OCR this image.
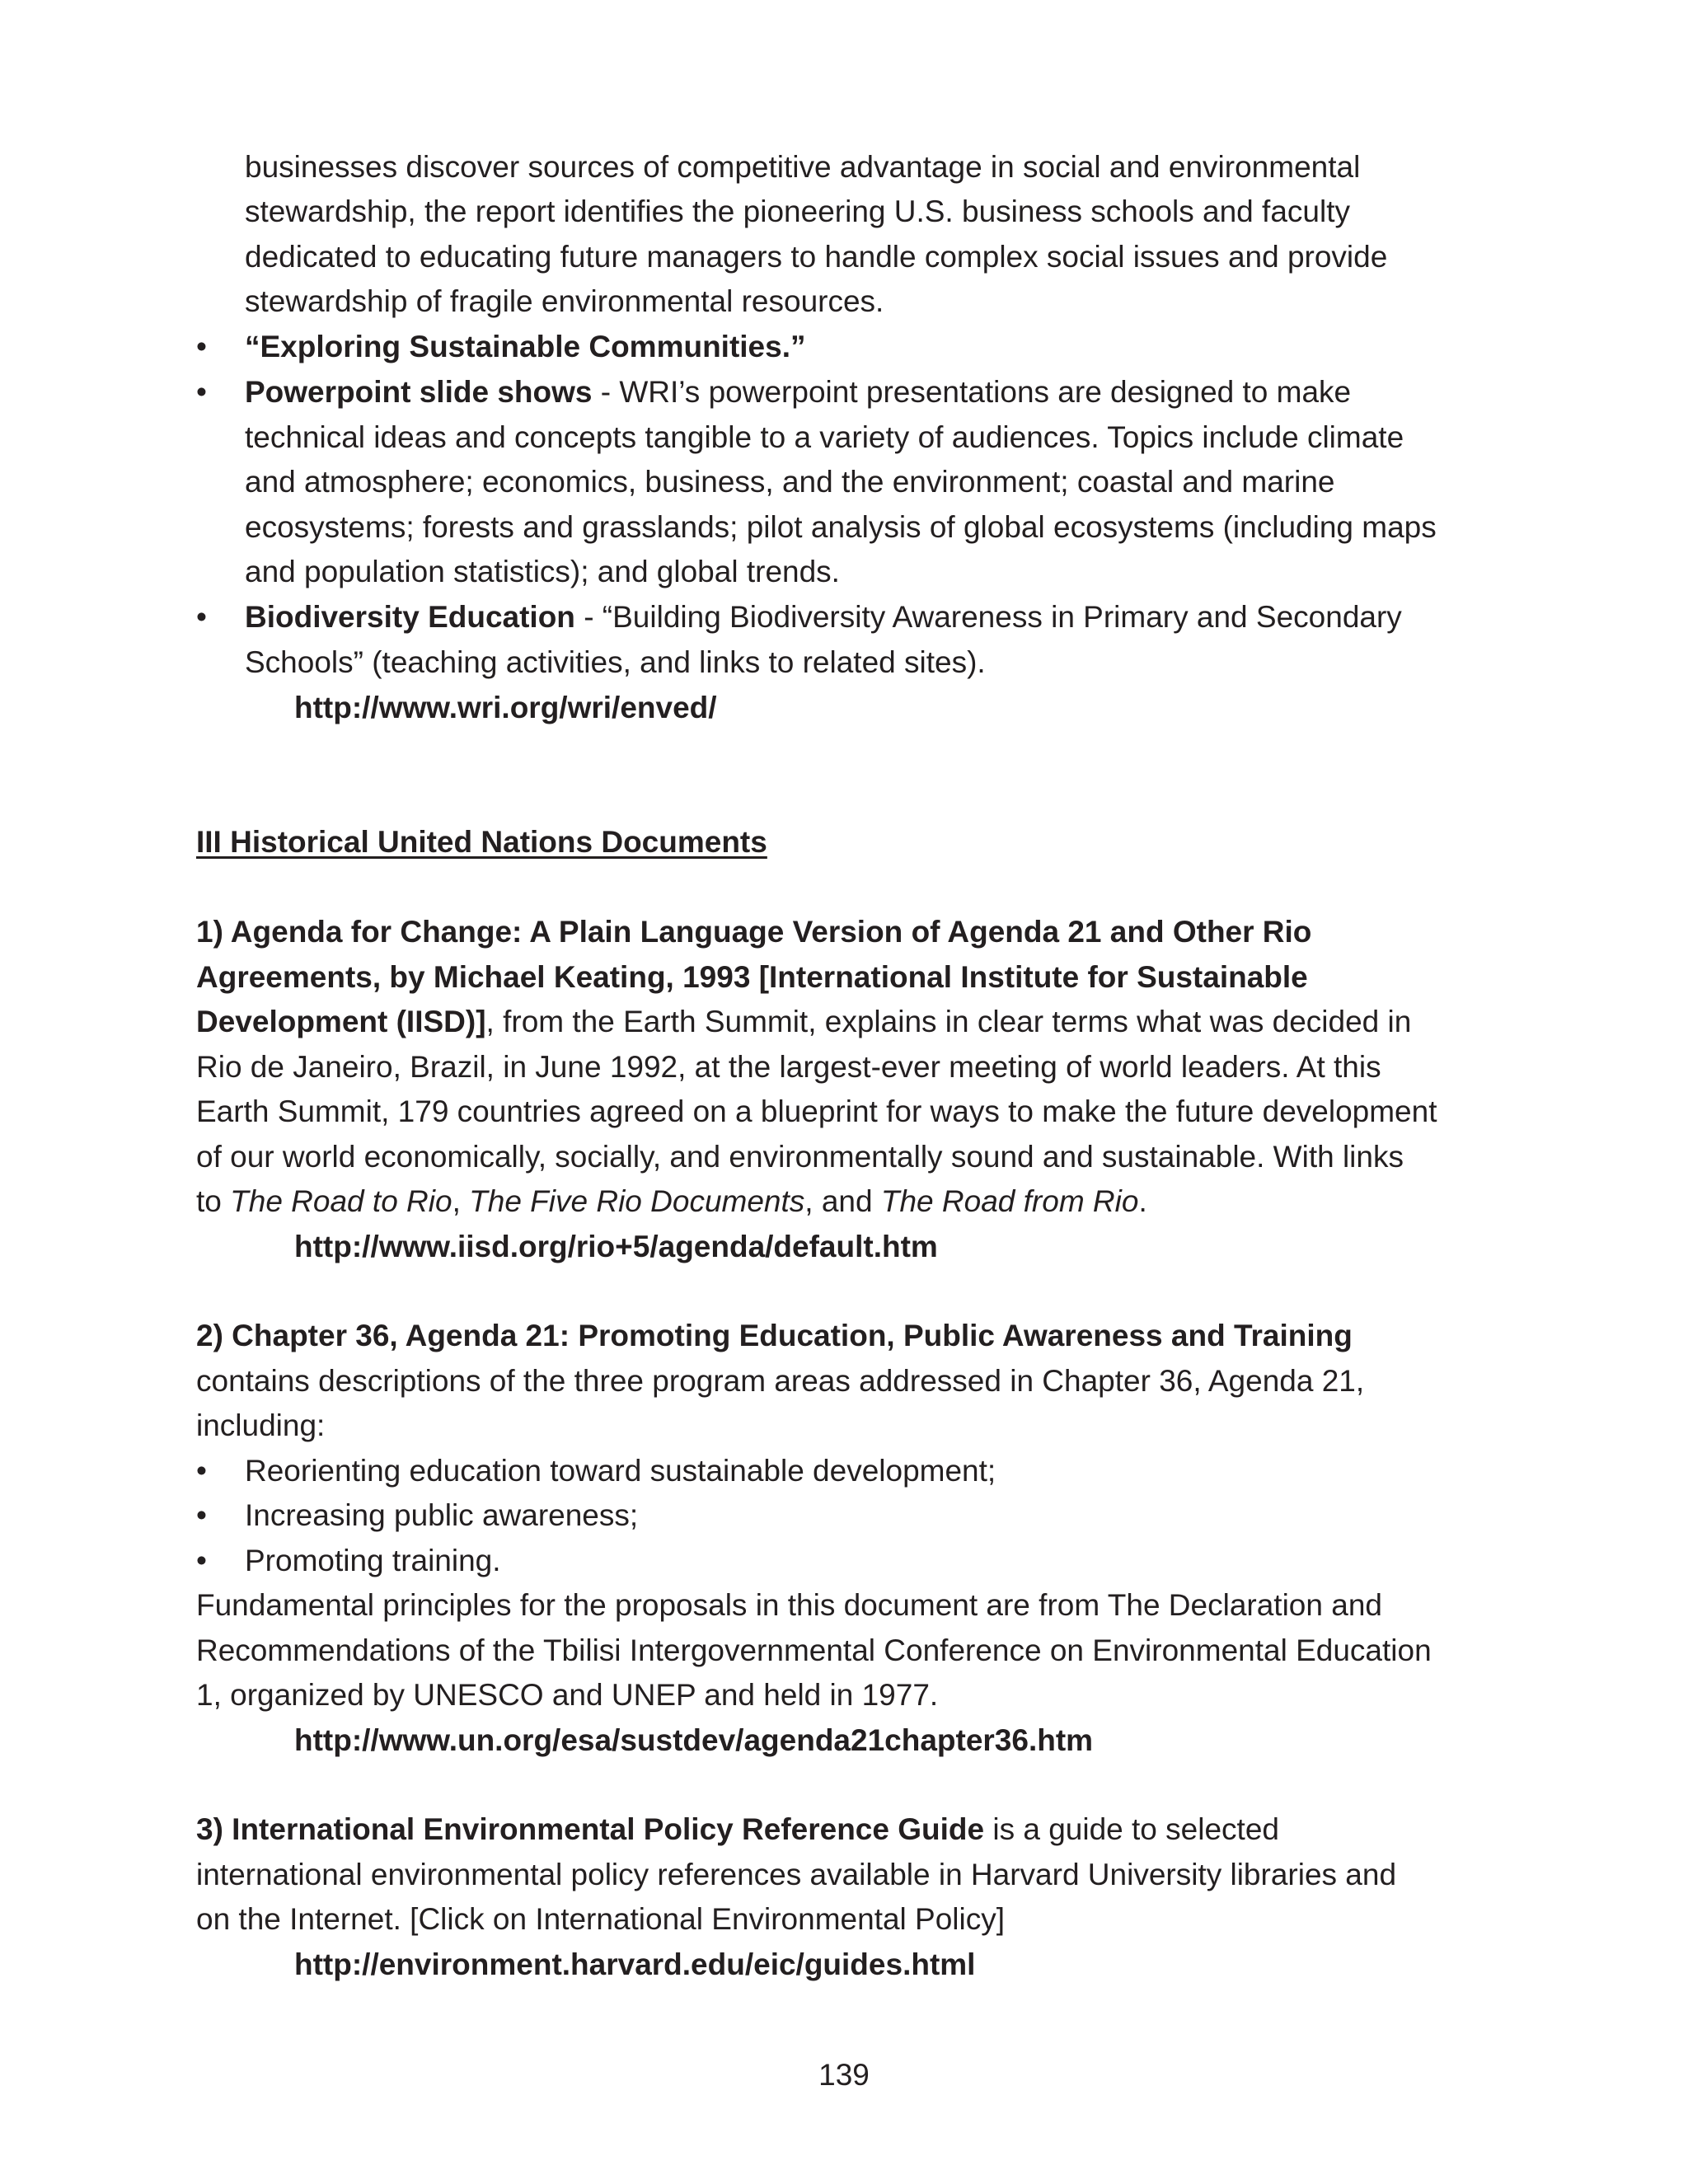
businesses discover sources of competitive advantage in social and environmental
stewardship, the report identifies the pioneering U.S. business schools and faculty
dedicated to educating future managers to handle complex social issues and provide
stewardship of fragile environmental resources.
• “Exploring Sustainable Communities.”
• Powerpoint slide shows - WRI’s powerpoint presentations are designed to make
technical ideas and concepts tangible to a variety of audiences. Topics include climate
and atmosphere; economics, business, and the environment; coastal and marine
ecosystems; forests and grasslands; pilot analysis of global ecosystems (including maps
and population statistics); and global trends.
• Biodiversity Education - “Building Biodiversity Awareness in Primary and Secondary
Schools” (teaching activities, and links to related sites).
http://www.wri.org/wri/enved/
III Historical United Nations Documents
1) Agenda for Change: A Plain Language Version of Agenda 21 and Other Rio
Agreements, by Michael Keating, 1993 [International Institute for Sustainable
Development (IISD)], from the Earth Summit, explains in clear terms what was decided in
Rio de Janeiro, Brazil, in June 1992, at the largest-ever meeting of world leaders. At this
Earth Summit, 179 countries agreed on a blueprint for ways to make the future development
of our world economically, socially, and environmentally sound and sustainable. With links
to The Road to Rio, The Five Rio Documents, and The Road from Rio.
http://www.iisd.org/rio+5/agenda/default.htm
2) Chapter 36, Agenda 21: Promoting Education, Public Awareness and Training
contains descriptions of the three program areas addressed in Chapter 36, Agenda 21,
including:
• Reorienting education toward sustainable development;
• Increasing public awareness;
• Promoting training.
Fundamental principles for the proposals in this document are from The Declaration and
Recommendations of the Tbilisi Intergovernmental Conference on Environmental Education
1, organized by UNESCO and UNEP and held in 1977.
http://www.un.org/esa/sustdev/agenda21chapter36.htm
3) International Environmental Policy Reference Guide is a guide to selected
international environmental policy references available in Harvard University libraries and
on the Internet. [Click on International Environmental Policy]
http://environment.harvard.edu/eic/guides.html
139
